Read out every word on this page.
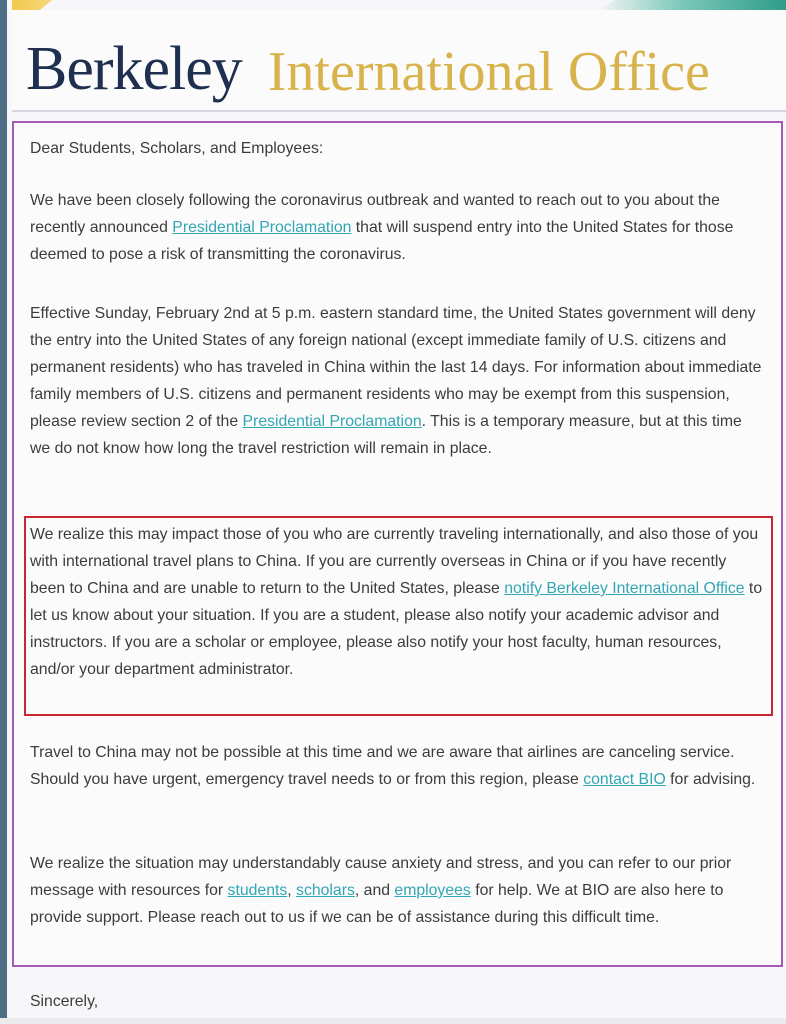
Berkeley International Office

Dear Students, Scholars, and Employees:

We have been closely following the coronavirus outbreak and wanted to reach out to you about the recently announced Presidential Proclamation that will suspend entry into the United States for those deemed to pose a risk of transmitting the coronavirus.

Effective Sunday, February 2nd at 5 p.m. eastern standard time, the United States government will deny the entry into the United States of any foreign national (except immediate family of U.S. citizens and permanent residents) who has traveled in China within the last 14 days. For information about immediate family members of U.S. citizens and permanent residents who may be exempt from this suspension, please review section 2 of the Presidential Proclamation. This is a temporary measure, but at this time we do not know how long the travel restriction will remain in place.

We realize this may impact those of you who are currently traveling internationally, and also those of you with international travel plans to China. If you are currently overseas in China or if you have recently been to China and are unable to return to the United States, please notify Berkeley International Office to let us know about your situation. If you are a student, please also notify your academic advisor and instructors. If you are a scholar or employee, please also notify your host faculty, human resources, and/or your department administrator.

Travel to China may not be possible at this time and we are aware that airlines are canceling service. Should you have urgent, emergency travel needs to or from this region, please contact BIO for advising.

We realize the situation may understandably cause anxiety and stress, and you can refer to our prior message with resources for students, scholars, and employees for help. We at BIO are also here to provide support. Please reach out to us if we can be of assistance during this difficult time.

Sincerely,
